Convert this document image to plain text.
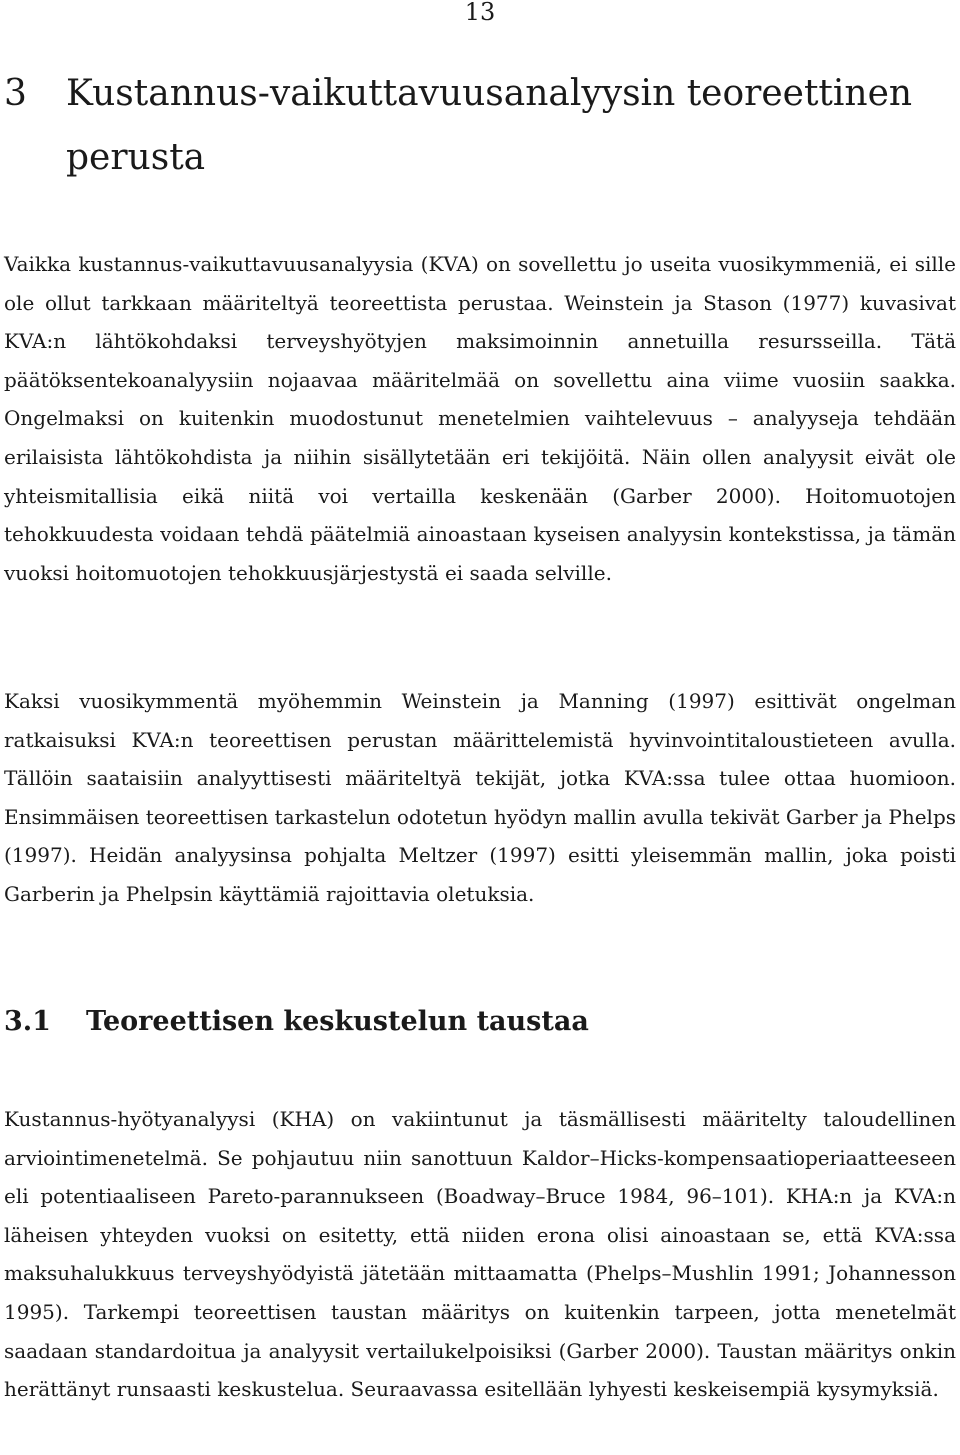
13
3	Kustannus-vaikuttavuusanalyysin teoreettinen perusta

Vaikka kustannus-vaikuttavuusanalyysia (KVA) on sovellettu jo useita vuosikymmeniä, ei sille ole ollut tarkkaan määriteltyä teoreettista perustaa. Weinstein ja Stason (1977) kuvasivat KVA:n lähtökohdaksi terveyshyötyjen maksimoinnin annetuilla resursseilla. Tätä päätöksentekoanalyysiin nojaavaa määritelmää on sovellettu aina viime vuosiin saakka. Ongelmaksi on kuitenkin muodostunut menetelmien vaihtelevuus – analyyseja tehdään erilaisista lähtökohdista ja niihin sisällytetään eri tekijöitä. Näin ollen analyysit eivät ole yhteismitallisia eikä niitä voi vertailla keskenään (Garber 2000). Hoitomuotojen tehokkuudesta voidaan tehdä päätelmiä ainoastaan kyseisen analyysin kontekstissa, ja tämän vuoksi hoitomuotojen tehokkuusjärjestystä ei saada selville.

Kaksi vuosikymmentä myöhemmin Weinstein ja Manning (1997) esittivät ongelman ratkaisuksi KVA:n teoreettisen perustan määrittelemistä hyvinvointitaloustieteen avulla. Tällöin saataisiin analyyttisesti määriteltyä tekijät, jotka KVA:ssa tulee ottaa huomioon. Ensimmäisen teoreettisen tarkastelun odotetun hyödyn mallin avulla tekivät Garber ja Phelps (1997). Heidän analyysinsa pohjalta Meltzer (1997) esitti yleisemmän mallin, joka poisti Garberin ja Phelpsin käyttämiä rajoittavia oletuksia.

3.1	Teoreettisen keskustelun taustaa

Kustannus-hyötyanalyysi (KHA) on vakiintunut ja täsmällisesti määritelty taloudellinen arviointimenetelmä. Se pohjautuu niin sanottuun Kaldor–Hicks-kompensaatioperiaatteeseen eli potentiaaliseen Pareto-parannukseen (Boadway–Bruce 1984, 96–101). KHA:n ja KVA:n läheisen yhteyden vuoksi on esitetty, että niiden erona olisi ainoastaan se, että KVA:ssa maksuhalukkuus terveyshyödyistä jätetään mittaamatta (Phelps–Mushlin 1991; Johannesson 1995). Tarkempi teoreettisen taustan määritys on kuitenkin tarpeen, jotta menetelmät saadaan standardoitua ja analyysit vertailukelpoisiksi (Garber 2000). Taustan määritys onkin herättänyt runsaasti keskustelua. Seuraavassa esitellään lyhyesti keskeisempiä kysymyksiä.
